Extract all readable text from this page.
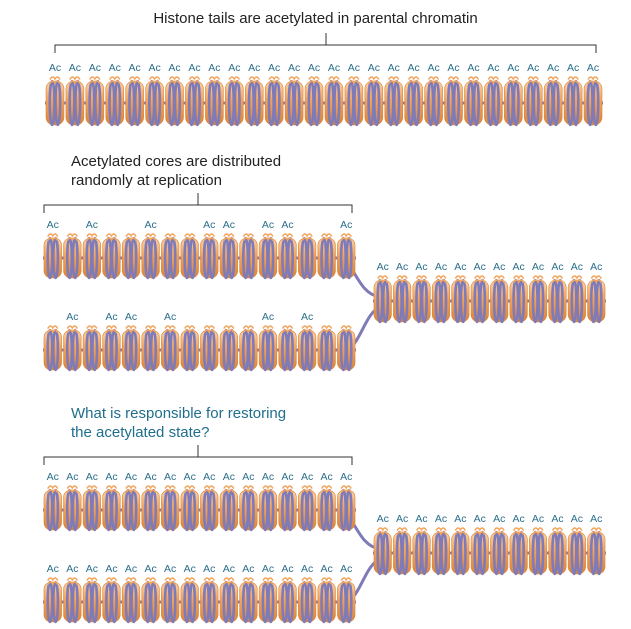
Histone tails are acetylated in parental chromatin
Acetylated cores are distributed
randomly at replication
What is responsible for restoring
the acetylated state?
Ac Ac Ac Ac Ac Ac Ac Ac Ac Ac Ac Ac Ac Ac Ac Ac Ac Ac Ac Ac Ac Ac Ac Ac Ac Ac Ac Ac
Ac	Ac	Ac	Ac Ac	Ac Ac	Ac
Ac	Ac Ac	Ac	Ac	Ac
Ac Ac Ac Ac Ac Ac Ac Ac Ac Ac Ac Ac
Ac Ac Ac Ac Ac Ac Ac Ac Ac Ac Ac Ac Ac Ac Ac Ac
Ac Ac Ac Ac Ac Ac Ac Ac Ac Ac Ac Ac Ac Ac Ac Ac
Ac Ac Ac Ac Ac Ac Ac Ac Ac Ac Ac Ac
